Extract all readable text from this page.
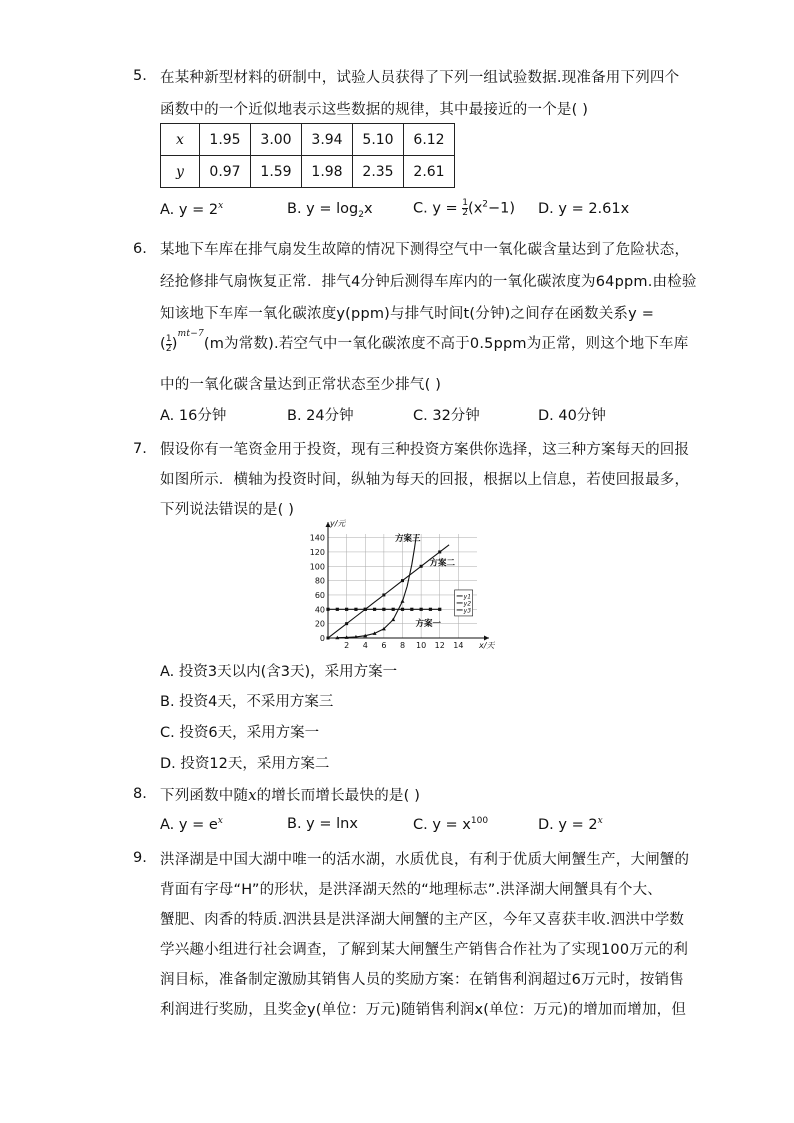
5. 在某种新型材料的研制中，试验人员获得了下列一组试验数据.现准备用下列四个
函数中的一个近似地表示这些数据的规律，其中最接近的一个是( )
x	1.95	3.00	3.94	5.10	6.12
y	0.97	1.59	1.98	2.35	2.61
A. $y = 2^x$	B. $y = \log_2x$	C. $y = \frac{1}{2} (x^2-1)$ D. y = 2.61x
6. 某地下车库在排气扇发生故障的情况下测得空气中一氧化碳含量达到了危险状态，
经抢修排气扇恢复正常．排气4分钟后测得车库内的一氧化碳浓度为64ppm.由检验
知该地下车库一氧化碳浓度y(ppm)与排气时间t(分钟)之间存在函数关系y =
( $\frac{1}{2} )^{mt-7}(m$为常数).若空气中一氧化碳浓度不高于0.5ppm为正常，则这个地下车库
中的一氧化碳含量达到正常状态至少排气( )
A. 16分钟	B. 24分钟	C. 32分钟	D. 40分钟
7. 假设你有一笔资金用于投资，现有三种投资方案供你选择，这三种方案每天的回报
如图所示．横轴为投资时间，纵轴为每天的回报，根据以上信息，若使回报最多，
下列说法错误的是( )
0
20
40
60
80
100
120
140
2 4 6 8 10 12 14 x/天
y/元
方案三
方案二
方案一
y1
y2
y3
A. 投资3天以内(含3天)，采用方案一
B. 投资4天，不采用方案三
C. 投资6天，采用方案一
D. 投资12天，采用方案二
8. 下列函数中随x的增长而增长最快的是( )
A. $y = e^x$	B. y = lnx	C. $y = x^{100}$	D. $y = 2^x$
9. 洪泽湖是中国大湖中唯一的活水湖，水质优良，有利于优质大闸蟹生产，大闸蟹的
背面有字母“H”的形状，是洪泽湖天然的“地理标志”.洪泽湖大闸蟹具有个大、
蟹肥、肉香的特质.泗洪县是洪泽湖大闸蟹的主产区，今年又喜获丰收.泗洪中学数
学兴趣小组进行社会调查，了解到某大闸蟹生产销售合作社为了实现100万元的利
润目标，准备制定激励其销售人员的奖励方案：在销售利润超过6万元时，按销售
利润进行奖励，且奖金y(单位：万元)随销售利润x(单位：万元)的增加而增加，但
